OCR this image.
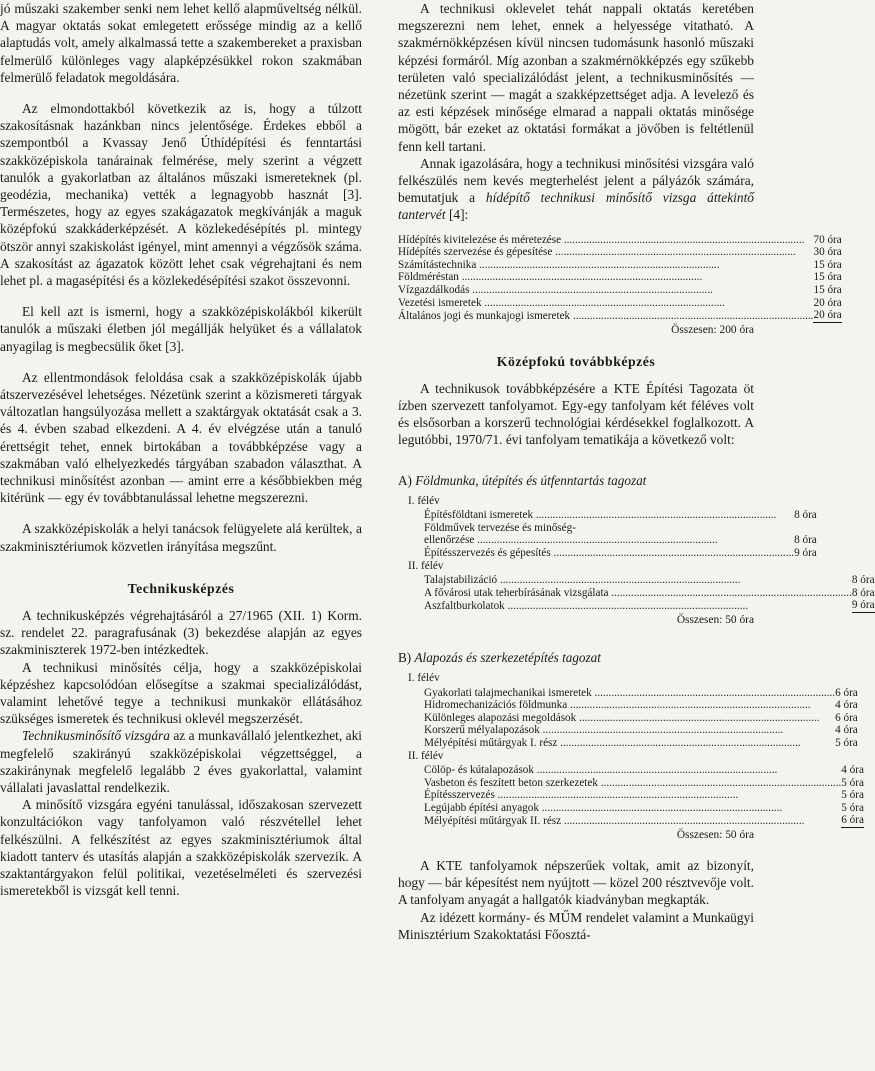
jó műszaki szakember senki nem lehet kellő alapműveltség nélkül. A magyar oktatás sokat emlegetett erőssége mindig az a kellő alaptudás volt, amely alkalmassá tette a szakembereket a praxisban felmerülő különleges vagy alapképzésükkel rokon szakmában felmerülő feladatok megoldására.

Az elmondottakból következik az is, hogy a túlzott szakosításnak hazánkban nincs jelentősége. Érdekes ebből a szempontból a Kvassay Jenő Úthídépítési és fenntartási szakközépiskola tanárainak felmérése, mely szerint a végzett tanulók a gyakorlatban az általános műszaki ismereteknek (pl. geodézia, mechanika) vették a legnagyobb hasznát [3]. Természetes, hogy az egyes szakágazatok megkívánják a maguk középfokú szakkáderképzését. A közlekedésépítés pl. mintegy ötször annyi szakiskolást igényel, mint amennyi a végzősök száma. A szakosítást az ágazatok között lehet csak végrehajtani és nem lehet pl. a magasépítési és a közlekedésépítési szakot összevonni.

El kell azt is ismerni, hogy a szakközépiskolákból kikerült tanulók a műszaki életben jól megállják helyüket és a vállalatok anyagilag is megbecsülik őket [3].

Az ellentmondások feloldása csak a szakközépiskolák újabb átszervezésével lehetséges. Nézetünk szerint a közismereti tárgyak változatlan hangsúlyozása mellett a szaktárgyak oktatását csak a 3. és 4. évben szabad elkezdeni. A 4. év elvégzése után a tanuló érettségit tehet, ennek birtokában a továbbképzése vagy a szakmában való elhelyezkedés tárgyában szabadon választhat. A technikusi minősítést azonban — amint erre a későbbiekben még kitérünk — egy év továbbtanulással lehetne megszerezni.

A szakközépiskolák a helyi tanácsok felügyelete alá kerültek, a szakminisztériumok közvetlen irányítása megszűnt.

Technikusképzés

A technikusképzés végrehajtásáról a 27/1965 (XII. 1) Korm. sz. rendelet 22. paragrafusának (3) bekezdése alapján az egyes szakminiszterek 1972-ben intézkedtek.

A technikusi minősítés célja, hogy a szakközépiskolai képzéshez kapcsolódóan elősegítse a szakmai specializálódást, valamint lehetővé tegye a technikusi munkakör ellátásához szükséges ismeretek és technikusi oklevél megszerzését.

Technikusminősítő vizsgára az a munkavállaló jelentkezhet, aki megfelelő szakirányú szakközépiskolai végzettséggel, a szakiránynak megfelelő legalább 2 éves gyakorlattal, valamint vállalati javaslattal rendelkezik.

A minősítő vizsgára egyéni tanulással, időszakosan szervezett konzultációkon vagy tanfolyamon való részvétellel lehet felkészülni. A felkészítést az egyes szakminisztériumok által kiadott tanterv és utasítás alapján a szakközépiskolák szervezik. A szaktantárgyakon felül politikai, vezetéselméleti és szervezési ismeretekből is vizsgát kell tenni.

A technikusi oklevelet tehát nappali oktatás keretében megszerezni nem lehet, ennek a helyessége vitatható. A szakmérnökképzésen kívül nincsen tudomásunk hasonló műszaki képzési formáról. Míg azonban a szakmérnökképzés egy szűkebb területen való specializálódást jelent, a technikusminősítés — nézetünk szerint — magát a szakképzettséget adja. A levelező és az esti képzések minősége elmarad a nappali oktatás minősége mögött, bár ezeket az oktatási formákat a jövőben is feltétlenül fenn kell tartani.

Annak igazolására, hogy a technikusi minősítési vizsgára való felkészülés nem kevés megterhelést jelent a pályázók számára, bemutatjuk a hídépítő technikusi minősítő vizsga áttekintő tantervét [4]:

Hídépítés kivitelezése és méretezése .....	70 óra
Hídépítés szervezése és gépesítése .....	30 óra
Számítástechnika .....	15 óra
Földméréstan .....	15 óra
Vízgazdálkodás .....	15 óra
Vezetési ismeretek .....	20 óra
Általános jogi és munkajogi ismeretek .....	20 óra
Összesen: 200 óra
Középfokú továbbképzés

A technikusok továbbképzésére a KTE Építési Tagozata öt ízben szervezett tanfolyamot. Egy-egy tanfolyam két féléves volt és elsősorban a korszerű technológiai kérdésekkel foglalkozott. A legutóbbi, 1970/71. évi tanfolyam tematikája a következő volt:

A) Földmunka, útépítés és útfenntartás tagozat
I. félév
Építésföldtani ismeretek .....	8 óra
Földművek tervezése és minőség-	
ellenőrzése .....	8 óra
Építésszervezés és gépesítés .....	9 óra
II. félév
Talajstabilizáció .....	8 óra
A fővárosi utak teherbírásának vizsgálata .....	8 óra
Aszfaltburkolatok .....	9 óra
Összesen: 50 óra
B) Alapozás és szerkezetépítés tagozat
I. félév
Gyakorlati talajmechanikai ismeretek .....	6 óra
Hidromechanizációs földmunka .....	4 óra
Különleges alapozási megoldások .....	6 óra
Korszerű mélyalapozások .....	4 óra
Mélyépítési műtárgyak I. rész .....	5 óra
II. félév
Cölöp- és kútalapozások .....	4 óra
Vasbeton és feszített beton szerkezetek .....	5 óra
Építésszervezés .....	5 óra
Legújabb építési anyagok .....	5 óra
Mélyépítési műtárgyak II. rész .....	6 óra
Összesen: 50 óra

A KTE tanfolyamok népszerűek voltak, amit az bizonyít, hogy — bár képesítést nem nyújtott — közel 200 résztvevője volt. A tanfolyam anyagát a hallgatók kiadványban megkapták.

Az idézett kormány- és MŰM rendelet valamint a Munkaügyi Minisztérium Szakoktatási Főosztá-
